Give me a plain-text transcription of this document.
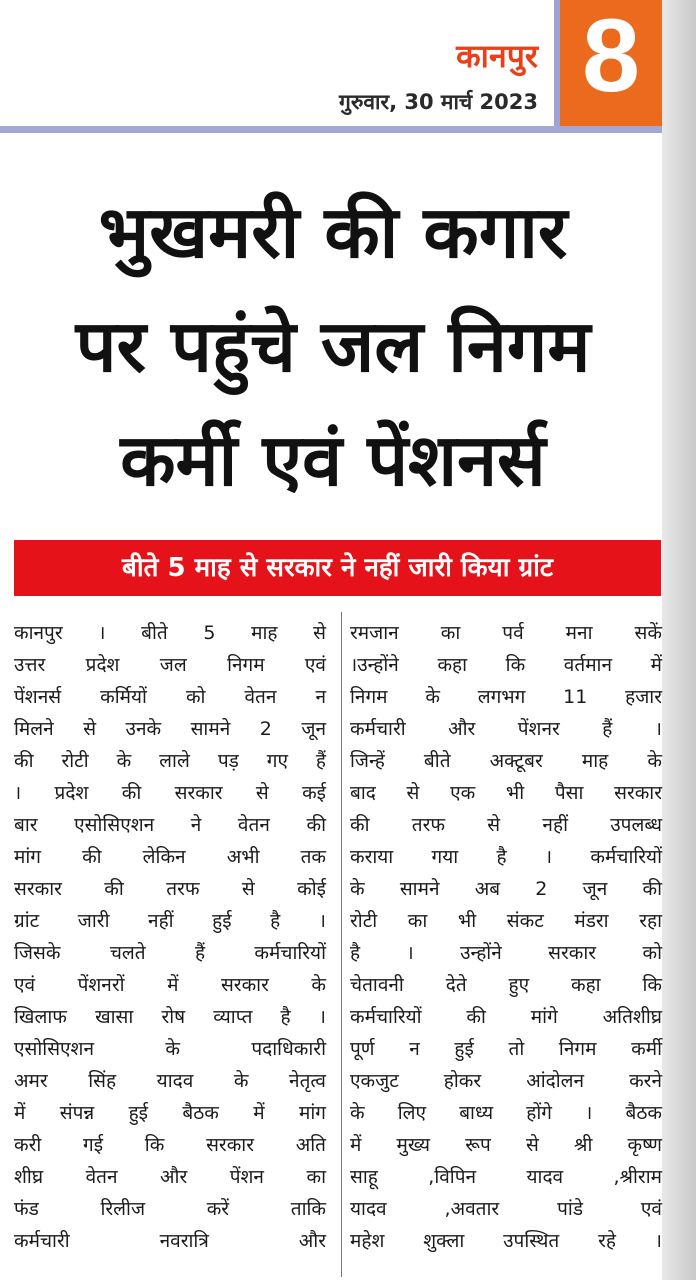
कानपुर
गुरुवार, 30 मार्च 2023 8
भुखमरी की कगार
पर पहुंचे जल निगम
कर्मी एवं पेंशनर्स
बीते 5 माह से सरकार ने नहीं जारी किया ग्रांट
कानपुर । बीते 5 माह से
उत्तर प्रदेश जल निगम एवं
पेंशनर्स कर्मियों को वेतन न
मिलने से उनके सामने 2 जून
की रोटी के लाले पड़ गए हैं
। प्रदेश की सरकार से कई
बार एसोसिएशन ने वेतन की
मांग की लेकिन अभी तक
सरकार की तरफ से कोई
ग्रांट जारी नहीं हुई है ।
जिसके चलते हैं कर्मचारियों
एवं पेंशनरों में सरकार के
खिलाफ खासा रोष व्याप्त है ।
एसोसिएशन के पदाधिकारी
अमर सिंह यादव के नेतृत्व
में संपन्न हुई बैठक में मांग
करी गई कि सरकार अति
शीघ्र वेतन और पेंशन का
फंड रिलीज करें ताकि
कर्मचारी नवरात्रि और
रमजान का पर्व मना सकें
।उन्होंने कहा कि वर्तमान में
निगम के लगभग 11 हजार
कर्मचारी और पेंशनर हैं ।
जिन्हें बीते अक्टूबर माह के
बाद से एक भी पैसा सरकार
की तरफ से नहीं उपलब्ध
कराया गया है । कर्मचारियों
के सामने अब 2 जून की
रोटी का भी संकट मंडरा रहा
है । उन्होंने सरकार को
चेतावनी देते हुए कहा कि
कर्मचारियों की मांगे अतिशीघ्र
पूर्ण न हुई तो निगम कर्मी
एकजुट होकर आंदोलन करने
के लिए बाध्य होंगे । बैठक
में मुख्य रूप से श्री कृष्ण
साहू ,विपिन यादव ,श्रीराम
यादव ,अवतार पांडे एवं
महेश शुक्ला उपस्थित रहे ।
